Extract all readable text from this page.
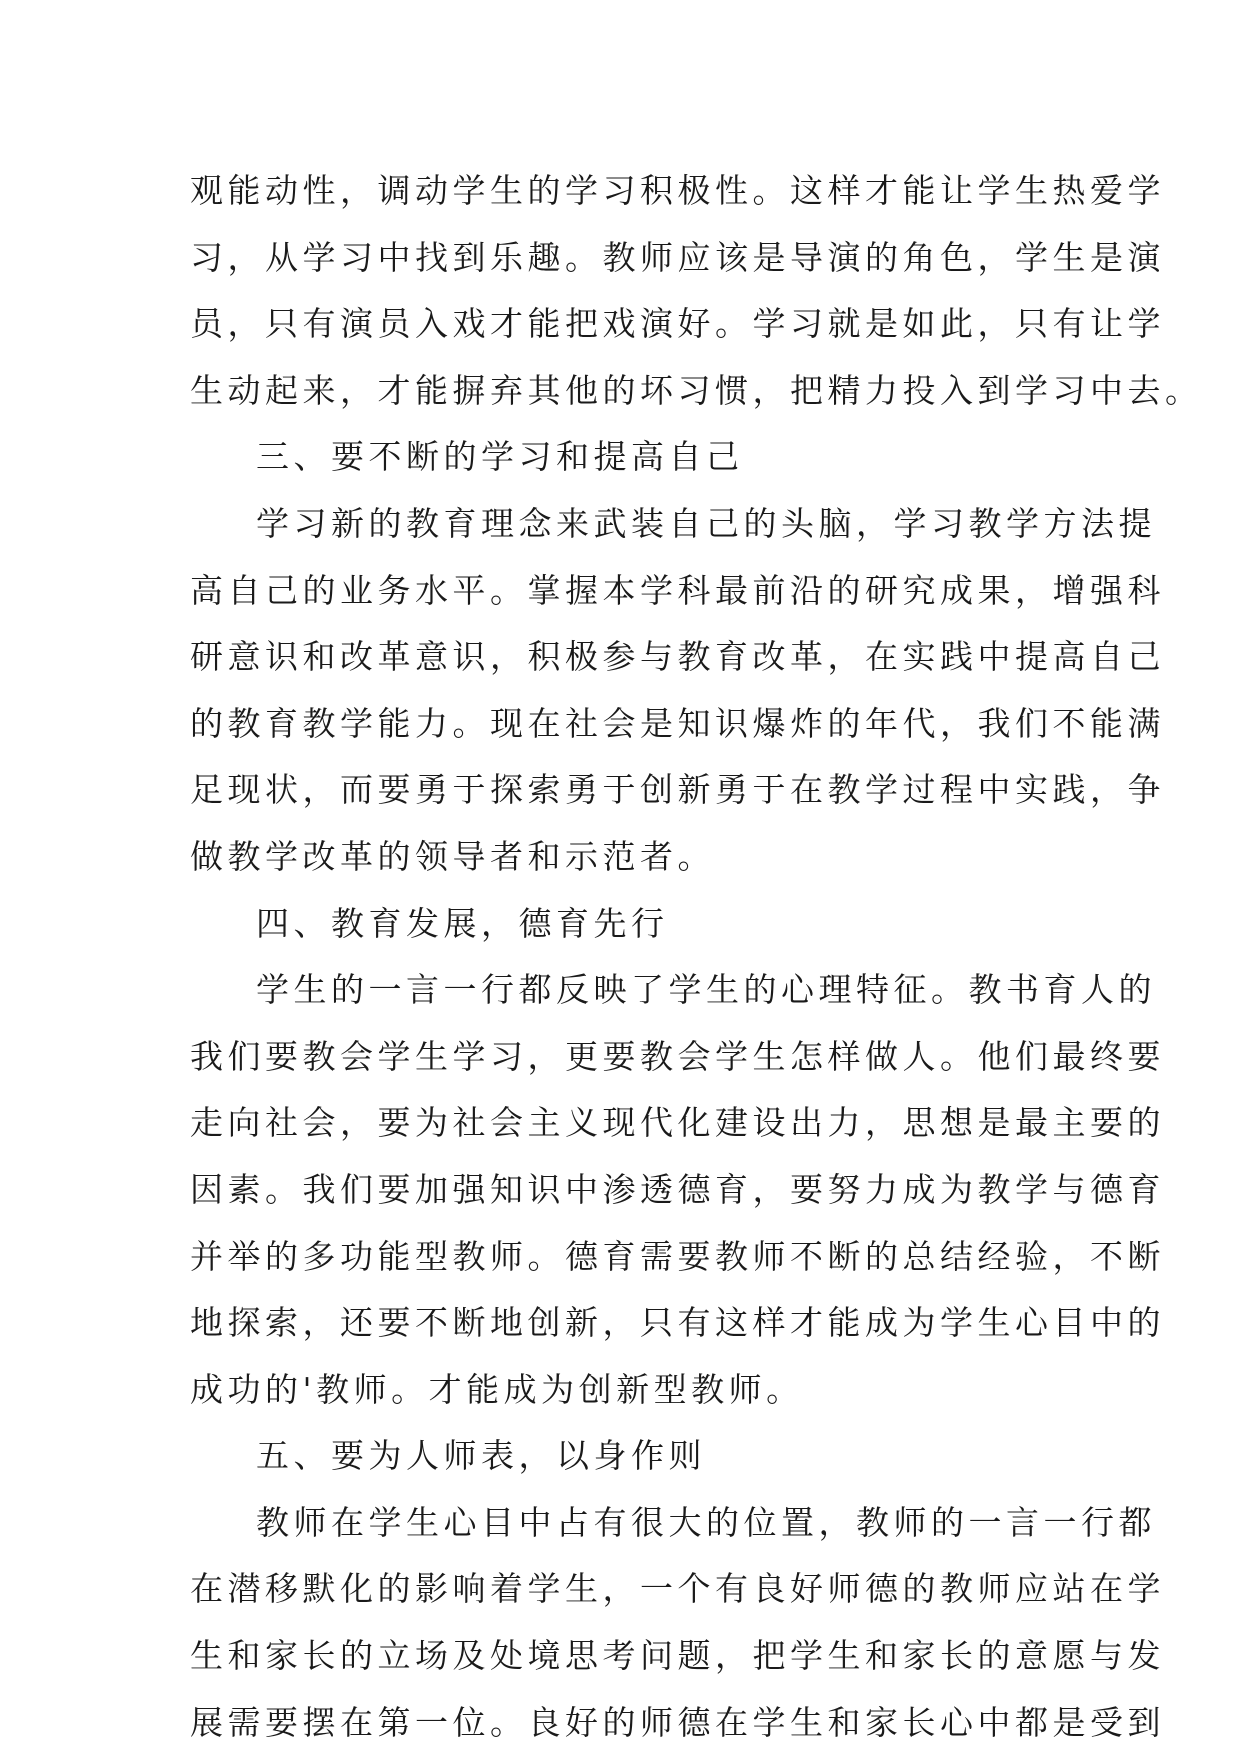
观能动性，调动学生的学习积极性。这样才能让学生热爱学
习，从学习中找到乐趣。教师应该是导演的角色，学生是演
员，只有演员入戏才能把戏演好。学习就是如此，只有让学
生动起来，才能摒弃其他的坏习惯，把精力投入到学习中去。
三、要不断的学习和提高自己
学习新的教育理念来武装自己的头脑，学习教学方法提
高自己的业务水平。掌握本学科最前沿的研究成果，增强科
研意识和改革意识，积极参与教育改革，在实践中提高自己
的教育教学能力。现在社会是知识爆炸的年代，我们不能满
足现状，而要勇于探索勇于创新勇于在教学过程中实践，争
做教学改革的领导者和示范者。
四、教育发展，德育先行
学生的一言一行都反映了学生的心理特征。教书育人的
我们要教会学生学习，更要教会学生怎样做人。他们最终要
走向社会，要为社会主义现代化建设出力，思想是最主要的
因素。我们要加强知识中渗透德育，要努力成为教学与德育
并举的多功能型教师。德育需要教师不断的总结经验，不断
地探索，还要不断地创新，只有这样才能成为学生心目中的
成功的'教师。才能成为创新型教师。
五、要为人师表，以身作则
教师在学生心目中占有很大的位置，教师的一言一行都
在潜移默化的影响着学生，一个有良好师德的教师应站在学
生和家长的立场及处境思考问题，把学生和家长的意愿与发
展需要摆在第一位。良好的师德在学生和家长心中都是受到
